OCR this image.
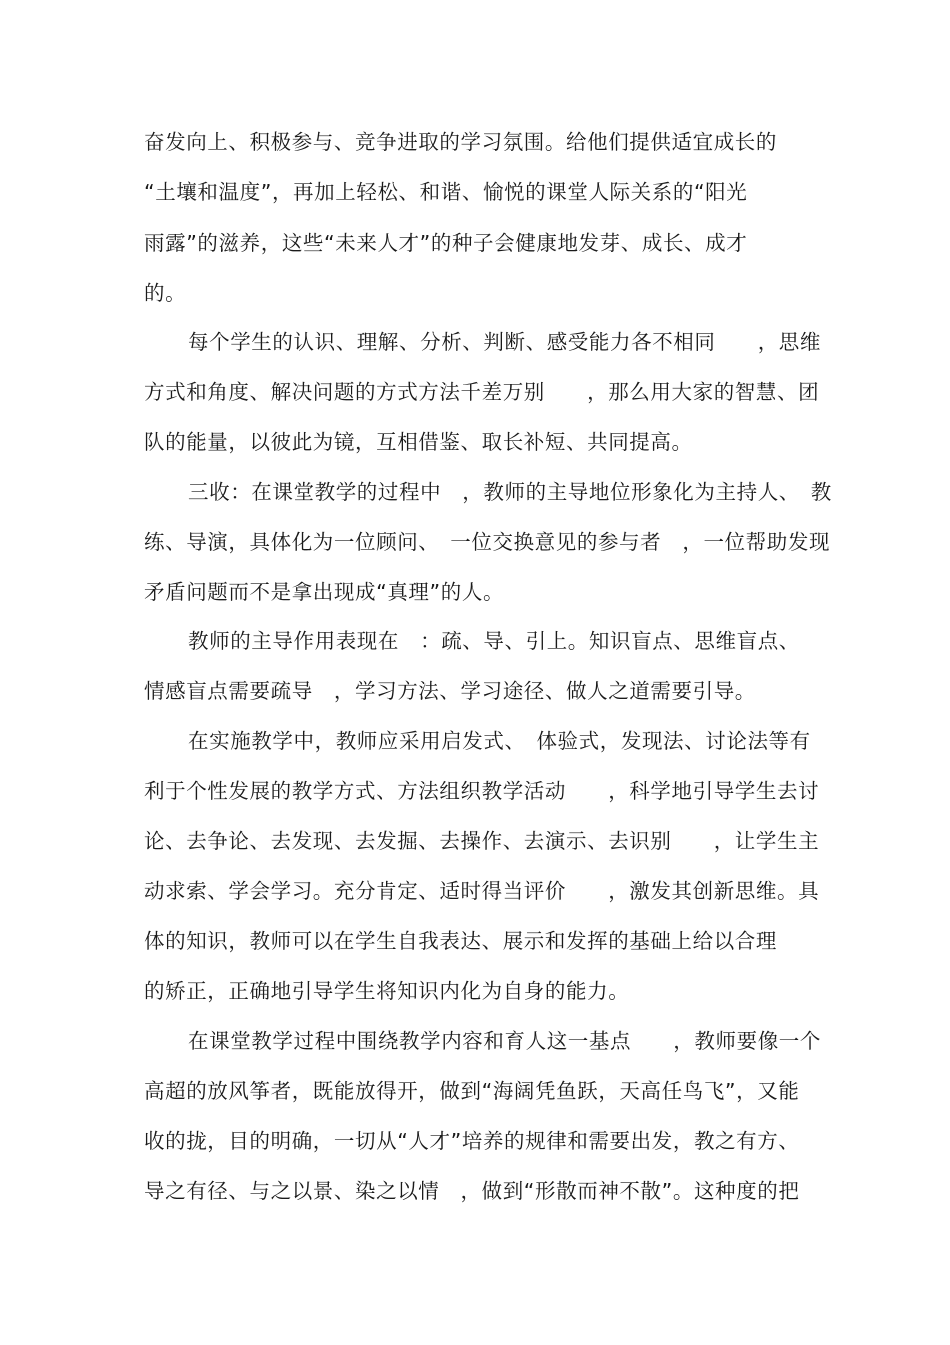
奋发向上、积极参与、竞争进取的学习氛围。给他们提供适宜成长的
“土壤和温度”，再加上轻松、和谐、愉悦的课堂人际关系的“阳光
雨露”的滋养，这些“未来人才”的种子会健康地发芽、成长、成才
的。
每个学生的认识、理解、分析、判断、感受能力各不相同　　，思维
方式和角度、解决问题的方式方法千差万别　　，那么用大家的智慧、团
队的能量，以彼此为镜，互相借鉴、取长补短、共同提高。
三收：在课堂教学的过程中　，教师的主导地位形象化为主持人、　教
练、导演，具体化为一位顾问、　一位交换意见的参与者　，一位帮助发现
矛盾问题而不是拿出现成“真理”的人。
教师的主导作用表现在　：疏、导、引上。知识盲点、思维盲点、
情感盲点需要疏导　，学习方法、学习途径、做人之道需要引导。
在实施教学中，教师应采用启发式、　体验式，发现法、讨论法等有
利于个性发展的教学方式、方法组织教学活动　　，科学地引导学生去讨
论、去争论、去发现、去发掘、去操作、去演示、去识别　　，让学生主
动求索、学会学习。充分肯定、适时得当评价　　，激发其创新思维。具
体的知识，教师可以在学生自我表达、展示和发挥的基础上给以合理
的矫正，正确地引导学生将知识内化为自身的能力。
在课堂教学过程中围绕教学内容和育人这一基点　　，教师要像一个
高超的放风筝者，既能放得开，做到“海阔凭鱼跃，天高任鸟飞”，又能
收的拢，目的明确，一切从“人才”培养的规律和需要出发，教之有方、
导之有径、与之以景、染之以情　，做到“形散而神不散”。这种度的把
